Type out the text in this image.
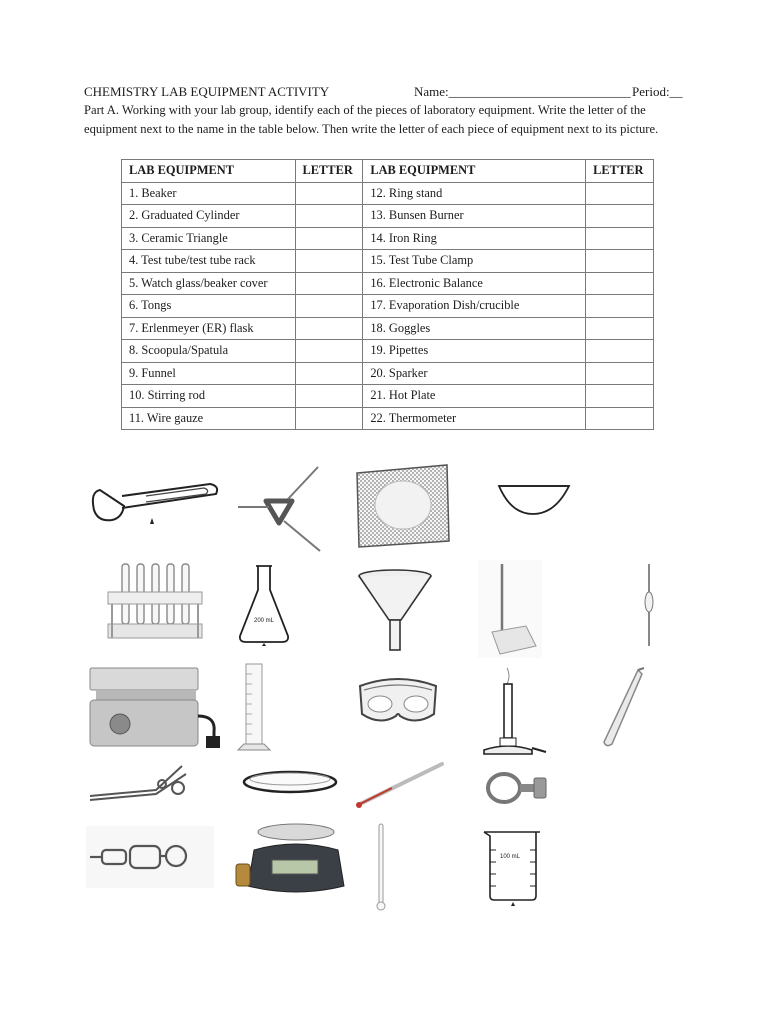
CHEMISTRY LAB EQUIPMENT ACTIVITY	Name:____________________________ Period:__
Part A. Working with your lab group, identify each of the pieces of laboratory equipment. Write the letter of the equipment next to the name in the table below. Then write the letter of each piece of equipment next to its picture.
LAB EQUIPMENT	LETTER	LAB EQUIPMENT	LETTER
1. Beaker		12. Ring stand	
2. Graduated Cylinder		13. Bunsen Burner	
3. Ceramic Triangle		14. Iron Ring	
4. Test tube/test tube rack		15. Test Tube Clamp	
5. Watch glass/beaker cover		16. Electronic Balance	
6. Tongs		17. Evaporation Dish/crucible	
7. Erlenmeyer (ER) flask		18. Goggles	
8. Scoopula/Spatula		19. Pipettes	
9. Funnel		20. Sparker	
10. Stirring rod		21. Hot Plate	
11. Wire gauze		22. Thermometer	
200 mL
100 mL
